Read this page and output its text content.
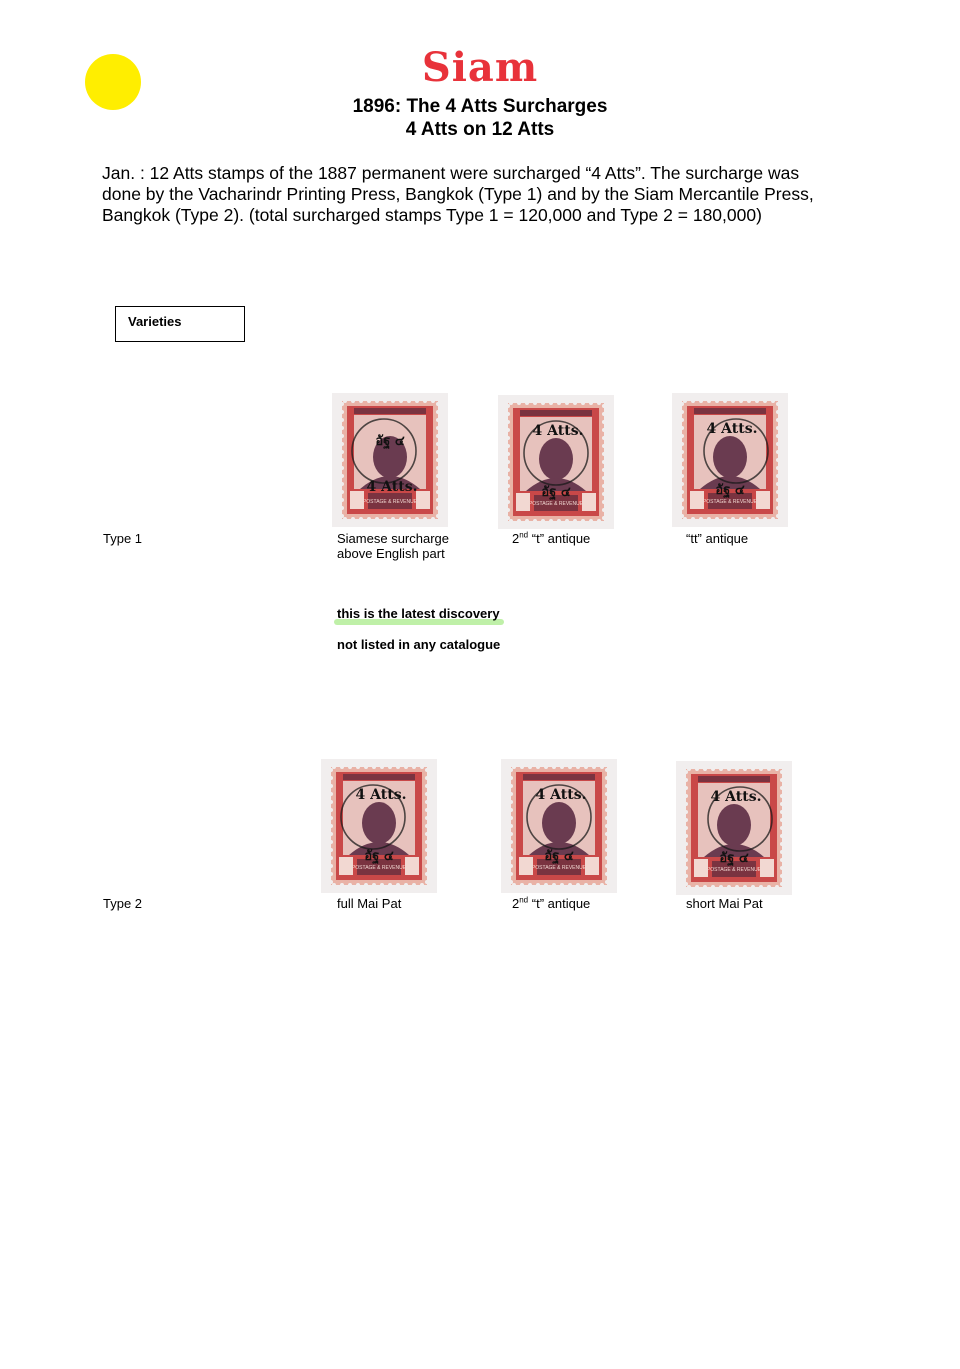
Siam
1896: The 4 Atts Surcharges
4 Atts on 12 Atts

Jan. : 12 Atts stamps of the 1887 permanent were surcharged “4 Atts”. The surcharge was
done by the Vacharindr Printing Press, Bangkok (Type 1) and by the Siam Mercantile Press,
Bangkok (Type 2). (total surcharged stamps Type 1 = 120,000 and Type 2 = 180,000)

Varieties
POSTAGE & REVENUE
4 Atts.
อัฐ ๔
POSTAGE & REVENUE
4 Atts.
อัฐ ๔
POSTAGE & REVENUE
4 Atts.
อัฐ ๔
Type 1	Siamese surcharge
above English part
2nd “t” antique	“tt” antique
this is the latest discovery
not listed in any catalogue
POSTAGE & REVENUE
4 Atts.
อัฐ ๔
POSTAGE & REVENUE
4 Atts.
อัฐ ๔
POSTAGE & REVENUE
4 Atts.
อัฐ ๔
Type 2	full Mai Pat	2nd “t” antique	short Mai Pat
